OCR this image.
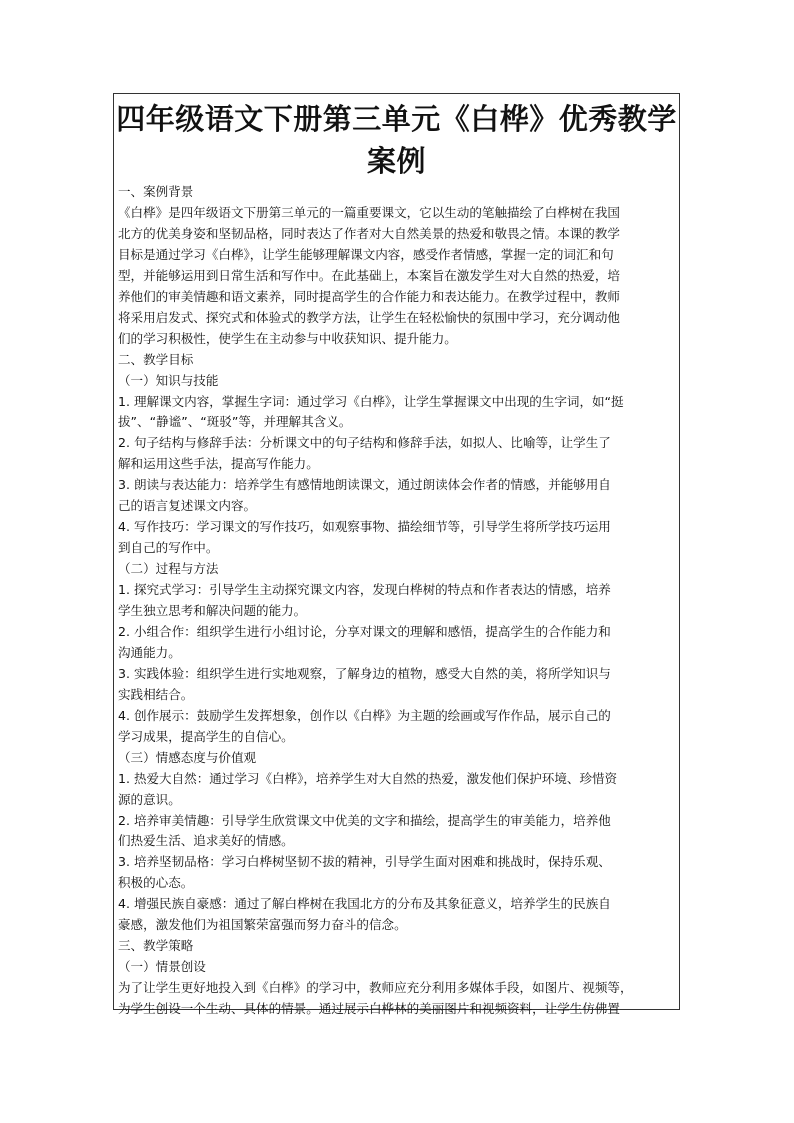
四年级语文下册第三单元《白桦》优秀教学
案例
一、案例背景
《白桦》是四年级语文下册第三单元的一篇重要课文，它以生动的笔触描绘了白桦树在我国
北方的优美身姿和坚韧品格，同时表达了作者对大自然美景的热爱和敬畏之情。本课的教学
目标是通过学习《白桦》，让学生能够理解课文内容，感受作者情感，掌握一定的词汇和句
型，并能够运用到日常生活和写作中。在此基础上，本案旨在激发学生对大自然的热爱，培
养他们的审美情趣和语文素养，同时提高学生的合作能力和表达能力。在教学过程中，教师
将采用启发式、探究式和体验式的教学方法，让学生在轻松愉快的氛围中学习，充分调动他
们的学习积极性，使学生在主动参与中收获知识、提升能力。
二、教学目标
（一）知识与技能
1. 理解课文内容，掌握生字词：通过学习《白桦》，让学生掌握课文中出现的生字词，如“挺
拔”、“静谧”、“斑驳”等，并理解其含义。
2. 句子结构与修辞手法：分析课文中的句子结构和修辞手法，如拟人、比喻等，让学生了
解和运用这些手法，提高写作能力。
3. 朗读与表达能力：培养学生有感情地朗读课文，通过朗读体会作者的情感，并能够用自
己的语言复述课文内容。
4. 写作技巧：学习课文的写作技巧，如观察事物、描绘细节等，引导学生将所学技巧运用
到自己的写作中。
（二）过程与方法
1. 探究式学习：引导学生主动探究课文内容，发现白桦树的特点和作者表达的情感，培养
学生独立思考和解决问题的能力。
2. 小组合作：组织学生进行小组讨论，分享对课文的理解和感悟，提高学生的合作能力和
沟通能力。
3. 实践体验：组织学生进行实地观察，了解身边的植物，感受大自然的美，将所学知识与
实践相结合。
4. 创作展示：鼓励学生发挥想象，创作以《白桦》为主题的绘画或写作作品，展示自己的
学习成果，提高学生的自信心。
（三）情感态度与价值观
1. 热爱大自然：通过学习《白桦》，培养学生对大自然的热爱，激发他们保护环境、珍惜资
源的意识。
2. 培养审美情趣：引导学生欣赏课文中优美的文字和描绘，提高学生的审美能力，培养他
们热爱生活、追求美好的情感。
3. 培养坚韧品格：学习白桦树坚韧不拔的精神，引导学生面对困难和挑战时，保持乐观、
积极的心态。
4. 增强民族自豪感：通过了解白桦树在我国北方的分布及其象征意义，培养学生的民族自
豪感，激发他们为祖国繁荣富强而努力奋斗的信念。
三、教学策略
（一）情景创设
为了让学生更好地投入到《白桦》的学习中，教师应充分利用多媒体手段，如图片、视频等，
为学生创设一个生动、具体的情景。通过展示白桦林的美丽图片和视频资料，让学生仿佛置
